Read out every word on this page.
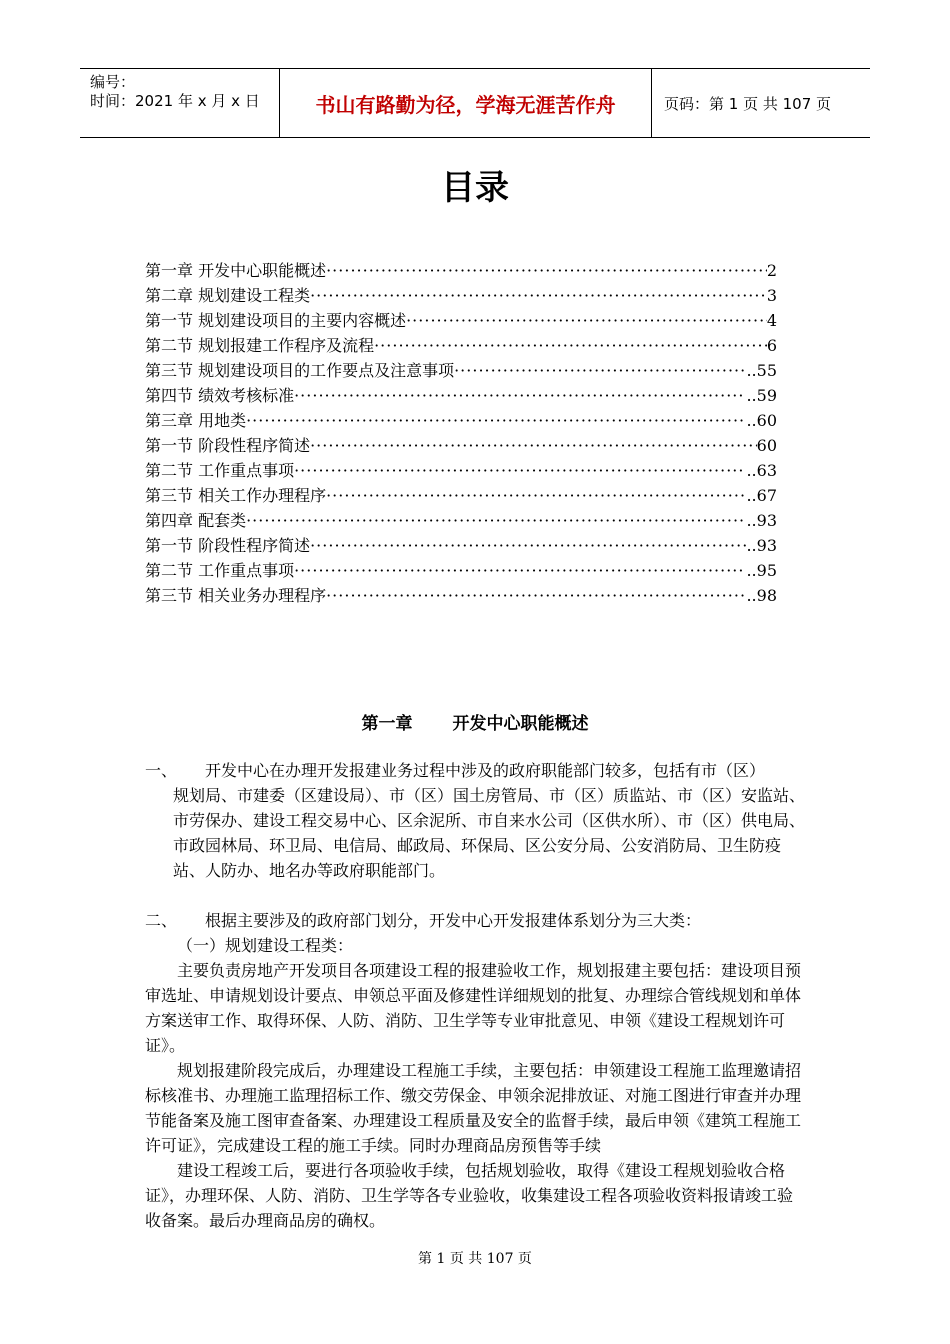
编号：
时间：2021 年 x 月 x 日	书山有路勤为径，学海无涯苦作舟	页码：第 1 页 共 107 页
目录
第一章 开发中心职能概述 ·····	2
第二章 规划建设工程类 ·····	3
第一节 规划建设项目的主要内容概述 ·····	4
第二节 规划报建工作程序及流程 ·····	6
第三节 规划建设项目的工作要点及注意事项 ·····	..55
第四节 绩效考核标准 ·····	..59
第三章 用地类 ·····	..60
第一节 阶段性程序简述 ·····	60
第二节 工作重点事项 ·····	..63
第三节 相关工作办理程序 ·····	..67
第四章 配套类 ·····	..93
第一节 阶段性程序简述 ·····	..93
第二节 工作重点事项 ·····	..95
第三节 相关业务办理程序 ·····	..98
第一章 开发中心职能概述
一、	开发中心在办理开发报建业务过程中涉及的政府职能部门较多，包括有市（区）
规划局、市建委（区建设局）、市（区）国土房管局、市（区）质监站、市（区）安监站、市劳保办、建设工程交易中心、区余泥所、市自来水公司（区供水所）、市（区）供电局、市政园林局、环卫局、电信局、邮政局、环保局、区公安分局、公安消防局、卫生防疫站、人防办、地名办等政府职能部门。
二、	根据主要涉及的政府部门划分，开发中心开发报建体系划分为三大类：
（一）规划建设工程类：
主要负责房地产开发项目各项建设工程的报建验收工作，规划报建主要包括：建设项目预审选址、申请规划设计要点、申领总平面及修建性详细规划的批复、办理综合管线规划和单体方案送审工作、取得环保、人防、消防、卫生学等专业审批意见、申领《建设工程规划许可证》。
规划报建阶段完成后，办理建设工程施工手续，主要包括：申领建设工程施工监理邀请招标核准书、办理施工监理招标工作、缴交劳保金、申领余泥排放证、对施工图进行审查并办理节能备案及施工图审查备案、办理建设工程质量及安全的监督手续，最后申领《建筑工程施工许可证》，完成建设工程的施工手续。同时办理商品房预售等手续
建设工程竣工后，要进行各项验收手续，包括规划验收，取得《建设工程规划验收合格证》，办理环保、人防、消防、卫生学等各专业验收，收集建设工程各项验收资料报请竣工验收备案。最后办理商品房的确权。
第 1 页 共 107 页
